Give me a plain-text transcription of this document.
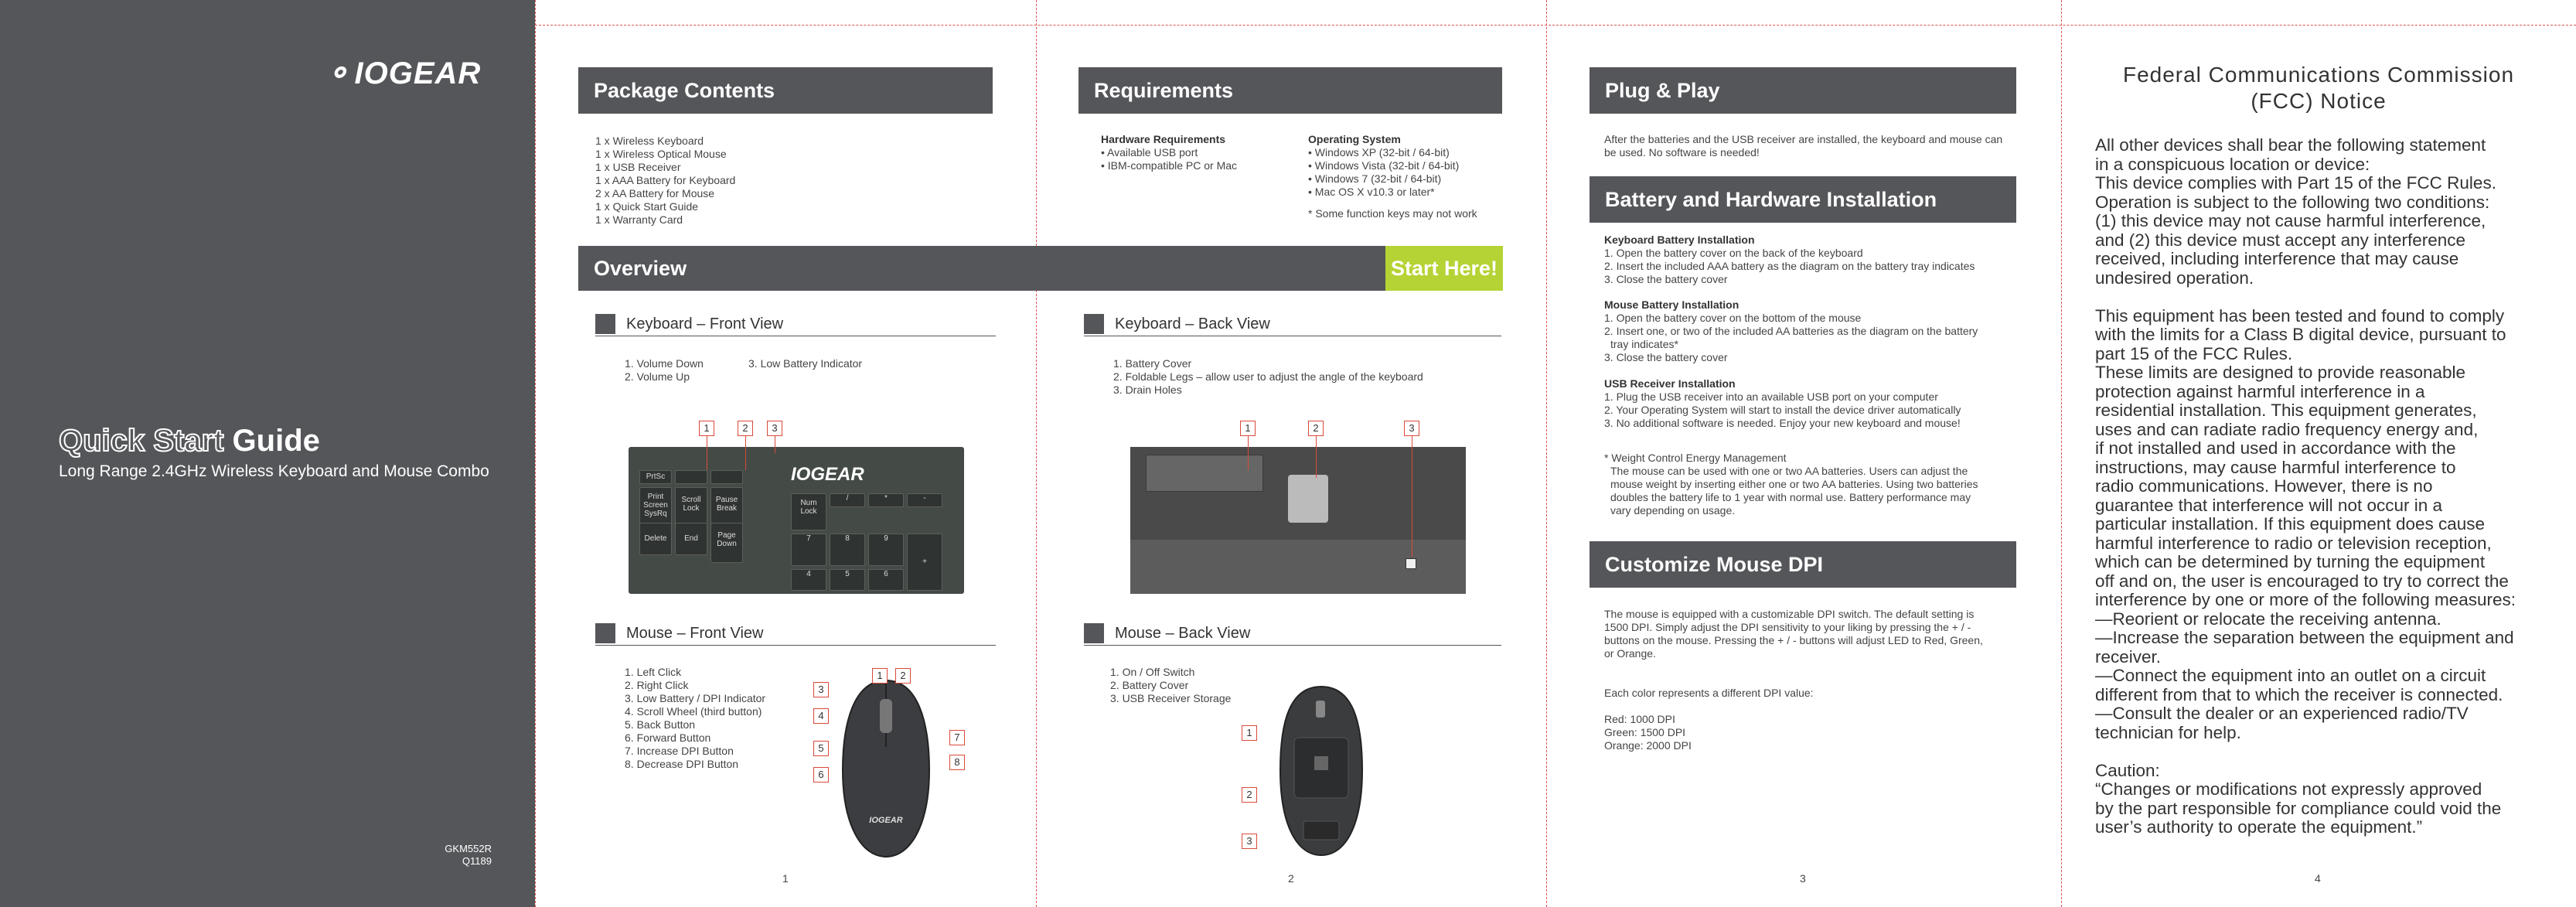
⚬ IOGEAR
Quick Start Guide
Long Range 2.4GHz Wireless Keyboard and Mouse Combo
GKM552R
Q1189
Package Contents
1 x Wireless Keyboard
1 x Wireless Optical Mouse
1 x USB Receiver
1 x AAA Battery for Keyboard
2 x AA Battery for Mouse
1 x Quick Start Guide
1 x Warranty Card
Requirements
Hardware Requirements
• Available USB port
• IBM-compatible PC or Mac
Operating System
• Windows XP (32-bit / 64-bit)
• Windows Vista (32-bit / 64-bit)
• Windows 7 (32-bit / 64-bit)
• Mac OS X v10.3 or later*
* Some function keys may not work
Overview	Start Here!
Keyboard – Front View
1. Volume Down
2. Volume Up
3. Low Battery Indicator
PrtSc
Print Screen SysRq
Scroll Lock
Pause Break
Delete	End	Page Down
IOGEAR
Num Lock
/	*	-
7	8	9
4	5	6
+
1	2	3
Keyboard – Back View
1. Battery Cover
2. Foldable Legs – allow user to adjust the angle of the keyboard
3. Drain Holes
1	2	3
Mouse – Front View
1. Left Click
2. Right Click
3. Low Battery / DPI Indicator
4. Scroll Wheel (third button)
5. Back Button
6. Forward Button
7. Increase DPI Button
8. Decrease DPI Button
IOGEAR
1	2
3
4
5
6
7
8
Mouse – Back View
1. On / Off Switch
2. Battery Cover
3. USB Receiver Storage
1
2
3
1	2	3	4
Plug & Play
After the batteries and the USB receiver are installed, the keyboard and mouse can
be used. No software is needed!
Battery and Hardware Installation
Keyboard Battery Installation
1. Open the battery cover on the back of the keyboard
2. Insert the included AAA battery as the diagram on the battery tray indicates
3. Close the battery cover
Mouse Battery Installation
1. Open the battery cover on the bottom of the mouse
2. Insert one, or two of the included AA batteries as the diagram on the battery
tray indicates*
3. Close the battery cover
USB Receiver Installation
1. Plug the USB receiver into an available USB port on your computer
2. Your Operating System will start to install the device driver automatically
3. No additional software is needed. Enjoy your new keyboard and mouse!
* Weight Control Energy Management
The mouse can be used with one or two AA batteries. Users can adjust the
mouse weight by inserting either one or two AA batteries. Using two batteries
doubles the battery life to 1 year with normal use. Battery performance may
vary depending on usage.
Customize Mouse DPI
The mouse is equipped with a customizable DPI switch. The default setting is
1500 DPI. Simply adjust the DPI sensitivity to your liking by pressing the + / -
buttons on the mouse. Pressing the + / - buttons will adjust LED to Red, Green,
or Orange.
Each color represents a different DPI value:
Red: 1000 DPI
Green: 1500 DPI
Orange: 2000 DPI
Federal Communications Commission
(FCC) Notice
All other devices shall bear the following statement
in a conspicuous location or device:
This device complies with Part 15 of the FCC Rules.
Operation is subject to the following two conditions:
(1) this device may not cause harmful interference,
and (2) this device must accept any interference
received, including interference that may cause
undesired operation.
This equipment has been tested and found to comply
with the limits for a Class B digital device, pursuant to
part 15 of the FCC Rules.
These limits are designed to provide reasonable
protection against harmful interference in a
residential installation. This equipment generates,
uses and can radiate radio frequency energy and,
if not installed and used in accordance with the
instructions, may cause harmful interference to
radio communications. However, there is no
guarantee that interference will not occur in a
particular installation. If this equipment does cause
harmful interference to radio or television reception,
which can be determined by turning the equipment
off and on, the user is encouraged to try to correct the
interference by one or more of the following measures:
—Reorient or relocate the receiving antenna.
—Increase the separation between the equipment and
receiver.
—Connect the equipment into an outlet on a circuit
different from that to which the receiver is connected.
—Consult the dealer or an experienced radio/TV
technician for help.
Caution:
“Changes or modifications not expressly approved
by the part responsible for compliance could void the
user’s authority to operate the equipment.”
